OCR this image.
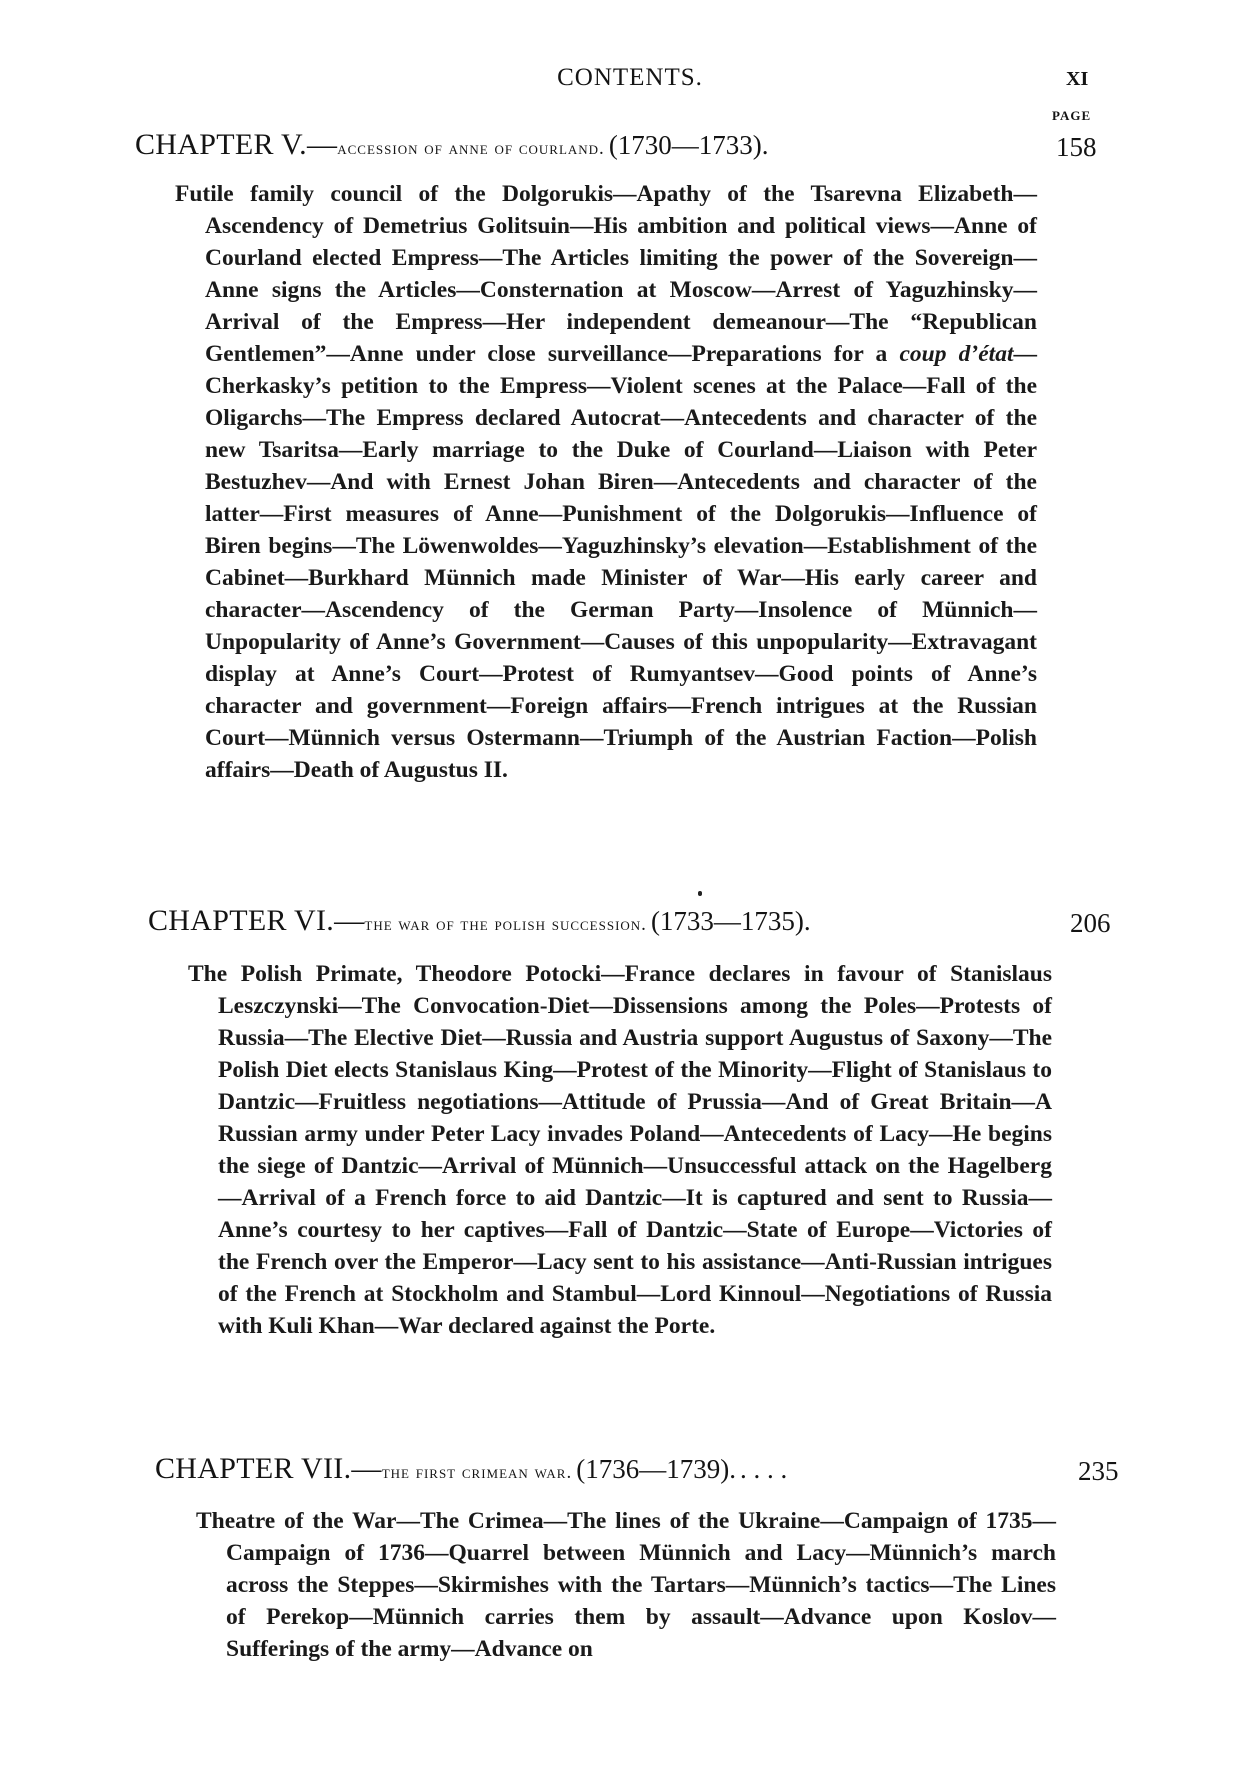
CONTENTS.	XI
PAGE
CHAPTER V.—accession of anne of courland. (1730—1733).	158
Futile family council of the Dolgorukis—Apathy of the Tsarevna Elizabeth—Ascendency of Demetrius Golitsuin—His ambition and political views—Anne of Courland elected Empress—The Articles limiting the power of the Sovereign—Anne signs the Articles—Consternation at Moscow—Arrest of Yaguzhinsky—Arrival of the Empress—Her independent demeanour—The “Republican Gentlemen”—Anne under close surveillance—Preparations for a coup d’état—Cherkasky’s petition to the Empress—Violent scenes at the Palace—Fall of the Oligarchs—The Empress declared Autocrat—Antecedents and character of the new Tsaritsa—Early marriage to the Duke of Courland—Liaison with Peter Bestuzhev—And with Ernest Johan Biren—Antecedents and character of the latter—First measures of Anne—Punishment of the Dolgorukis—Influence of Biren begins—The Löwenwoldes—Yaguzhinsky’s elevation—Establishment of the Cabinet—Burkhard Münnich made Minister of War—His early career and character—Ascendency of the German Party—Insolence of Münnich—Unpopularity of Anne’s Government—Causes of this unpopularity—Extravagant display at Anne’s Court—Protest of Rumyantsev—Good points of Anne’s character and government—Foreign affairs—French intrigues at the Russian Court—Münnich versus Ostermann—Triumph of the Austrian Faction—Polish affairs—Death of Augustus II.
CHAPTER VI.—the war of the polish succession. (1733—1735).	206
The Polish Primate, Theodore Potocki—France declares in favour of Stanislaus Leszczynski—The Convocation-Diet—Dissensions among the Poles—Protests of Russia—The Elective Diet—Russia and Austria support Augustus of Saxony—The Polish Diet elects Stanislaus King—Protest of the Minority—Flight of Stanislaus to Dantzic—Fruitless negotiations—Attitude of Prussia—And of Great Britain—A Russian army under Peter Lacy invades Poland—Antecedents of Lacy—He begins the siege of Dantzic—Arrival of Münnich—Unsuccessful attack on the Hagelberg—Arrival of a French force to aid Dantzic—It is captured and sent to Russia—Anne’s courtesy to her captives—Fall of Dantzic—State of Europe—Victories of the French over the Emperor—Lacy sent to his assistance—Anti-Russian intrigues of the French at Stockholm and Stambul—Lord Kinnoul—Negotiations of Russia with Kuli Khan—War declared against the Porte.
CHAPTER VII.—the first crimean war. (1736—1739). . . . .	235
Theatre of the War—The Crimea—The lines of the Ukraine—Campaign of 1735—Campaign of 1736—Quarrel between Münnich and Lacy—Münnich’s march across the Steppes—Skirmishes with the Tartars—Münnich’s tactics—The Lines of Perekop—Münnich carries them by assault—Advance upon Koslov—Sufferings of the army—Advance on
